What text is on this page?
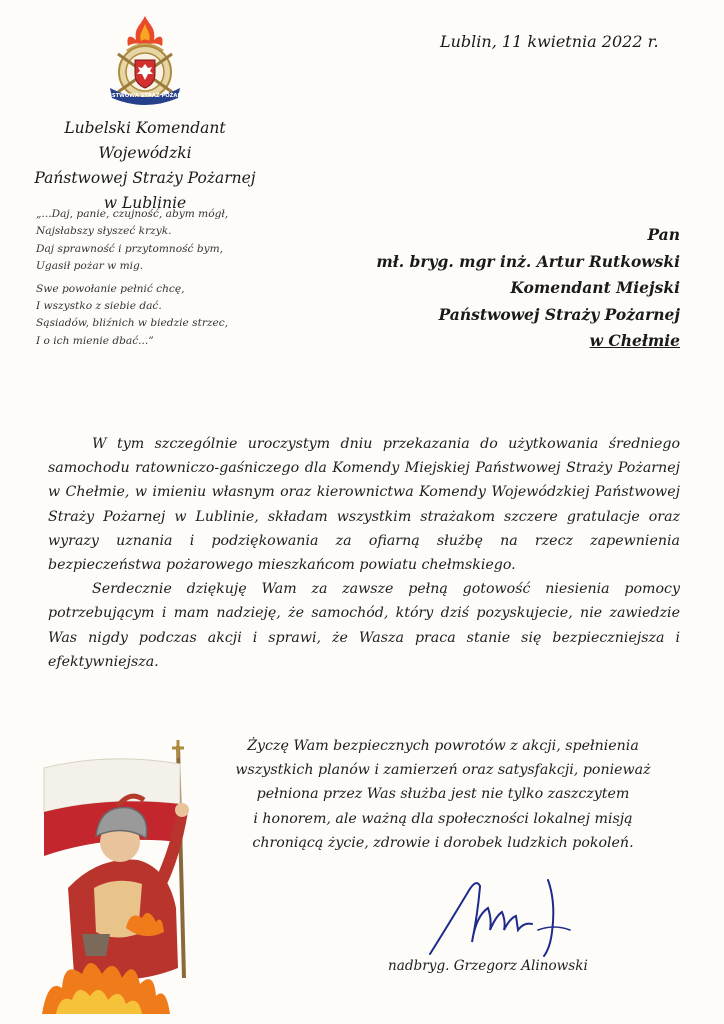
PAŃSTWOWA STRAŻ POŻARNA
Lubelski Komendant Wojewódzki
Państwowej Straży Pożarnej
w Lublinie
Lublin, 11 kwietnia 2022 r.
„...Daj, panie, czujność, abym mógł,
Najsłabszy słyszeć krzyk.
Daj sprawność i przytomność bym,
Ugasił pożar w mig.
Swe powołanie pełnić chcę,
I wszystko z siebie dać.
Sąsiadów, bliźnich w biedzie strzec,
I o ich mienie dbać...”
Pan
mł. bryg. mgr inż. Artur Rutkowski
Komendant Miejski
Państwowej Straży Pożarnej
w Chełmie

W tym szczególnie uroczystym dniu przekazania do użytkowania średniego samochodu ratowniczo-gaśniczego dla Komendy Miejskiej Państwowej Straży Pożarnej w Chełmie, w imieniu własnym oraz kierownictwa Komendy Wojewódzkiej Państwowej Straży Pożarnej w Lublinie, składam wszystkim strażakom szczere gratulacje oraz wyrazy uznania i podziękowania za ofiarną służbę na rzecz zapewnienia bezpieczeństwa pożarowego mieszkańcom powiatu chełmskiego.

Serdecznie dziękuję Wam za zawsze pełną gotowość niesienia pomocy potrzebującym i mam nadzieję, że samochód, który dziś pozyskujecie, nie zawiedzie Was nigdy podczas akcji i sprawi, że Wasza praca stanie się bezpieczniejsza i efektywniejsza.

Życzę Wam bezpiecznych powrotów z akcji, spełnienia
wszystkich planów i zamierzeń oraz satysfakcji, ponieważ
pełniona przez Was służba jest nie tylko zaszczytem
i honorem, ale ważną dla społeczności lokalnej misją
chroniącą życie, zdrowie i dorobek ludzkich pokoleń.
nadbryg. Grzegorz Alinowski
